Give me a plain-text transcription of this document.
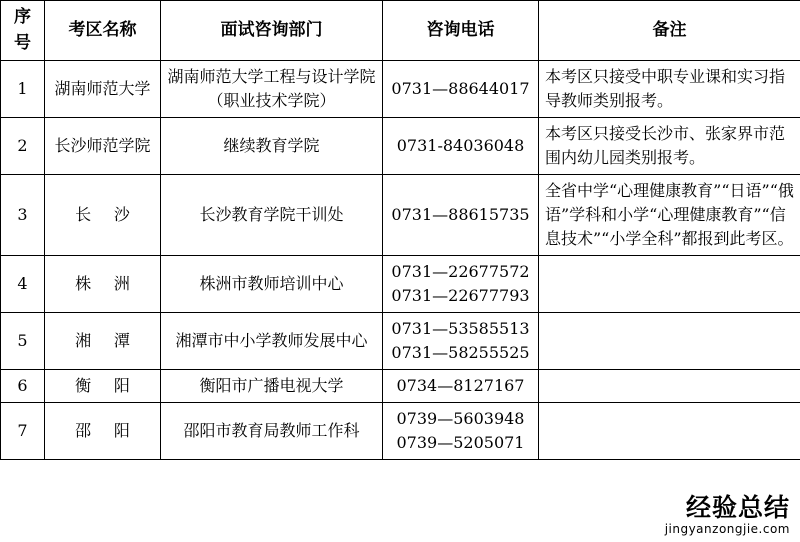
序号	考区名称	面试咨询部门	咨询电话	备注
1	湖南师范大学	湖南师范大学工程与设计学院（职业技术学院）	0731—88644017	本考区只接受中职专业课和实习指导教师类别报考。

2	长沙师范学院	继续教育学院	0731-84036048	本考区只接受长沙市、张家界市范围内幼儿园类别报考。

3	长 沙	长沙教育学院干训处	0731—88615735	全省中学“心理健康教育”“日语”“俄语”学科和小学“心理健康教育”“信息技术”“小学全科”都报到此考区。

4	株 洲	株洲市教师培训中心	0731—22677572
0731—22677793	

5	湘 潭	湘潭市中小学教师发展中心	0731—53585513
0731—58255525	

6	衡 阳	衡阳市广播电视大学	0734—8127167	

7	邵 阳	邵阳市教育局教师工作科	0739—5603948
0739—5205071	

经验总结
jingyanzongjie.com
